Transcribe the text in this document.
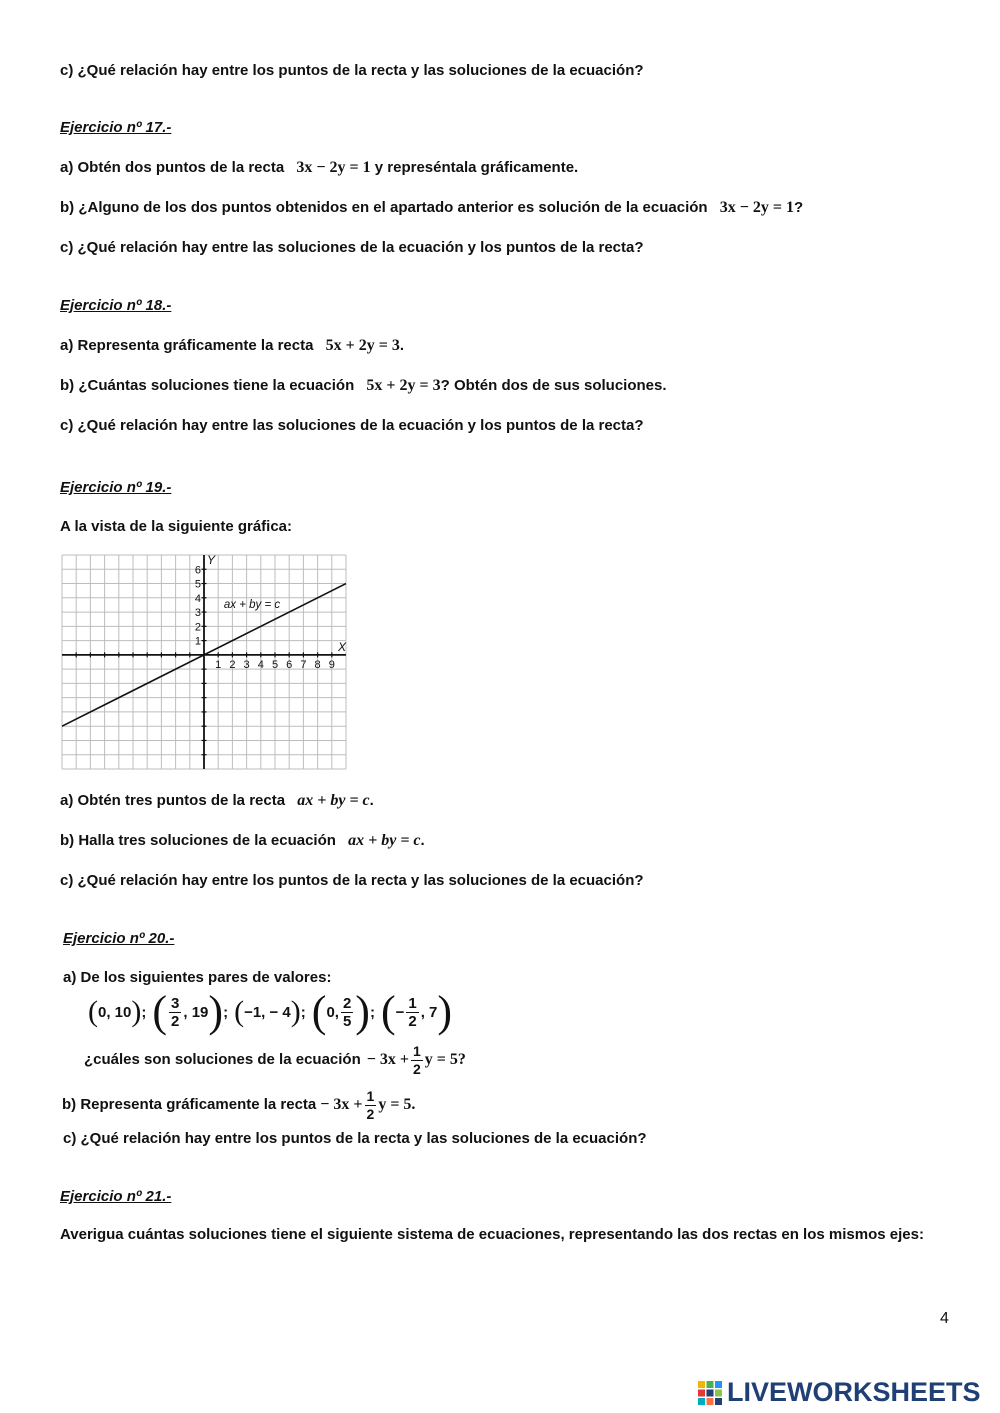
c) ¿Qué relación hay entre los puntos de la recta y las soluciones de la ecuación?
Ejercicio nº 17.-
a) Obtén dos puntos de la recta 3x − 2y = 1 y represéntala gráficamente.
b) ¿Alguno de los dos puntos obtenidos en el apartado anterior es solución de la ecuación 3x − 2y = 1?
c) ¿Qué relación hay entre las soluciones de la ecuación y los puntos de la recta?
Ejercicio nº 18.-
a) Representa gráficamente la recta 5x + 2y = 3.
b) ¿Cuántas soluciones tiene la ecuación 5x + 2y = 3? Obtén dos de sus soluciones.
c) ¿Qué relación hay entre las soluciones de la ecuación y los puntos de la recta?
Ejercicio nº 19.-
A la vista de la siguiente gráfica:
1 2 3 4 5 6 7 8 9
1
2
3
4
5
6
X
Y
ax + by = c
a) Obtén tres puntos de la recta ax + by = c.
b) Halla tres soluciones de la ecuación ax + by = c.
c) ¿Qué relación hay entre los puntos de la recta y las soluciones de la ecuación?
Ejercicio nº 20.-
a) De los siguientes pares de valores:
( 0, 10 ) ; ( $\frac{3}{2}$ , 19 ) ; ( −1, − 4 ) ; ( 0, $\frac{2}{5}$ ) ; ( − $\frac{1}{2}$ , 7 )
¿cuáles son soluciones de la ecuación − $3x + \frac{1}{2}$ y = 5?
b) Representa gráficamente la recta − $3x + \frac{1}{2}$ y = 5.
c) ¿Qué relación hay entre los puntos de la recta y las soluciones de la ecuación?
Ejercicio nº 21.-
Averigua cuántas soluciones tiene el siguiente sistema de ecuaciones, representando las dos rectas en los mismos ejes:
4
LIVEWORKSHEETS
